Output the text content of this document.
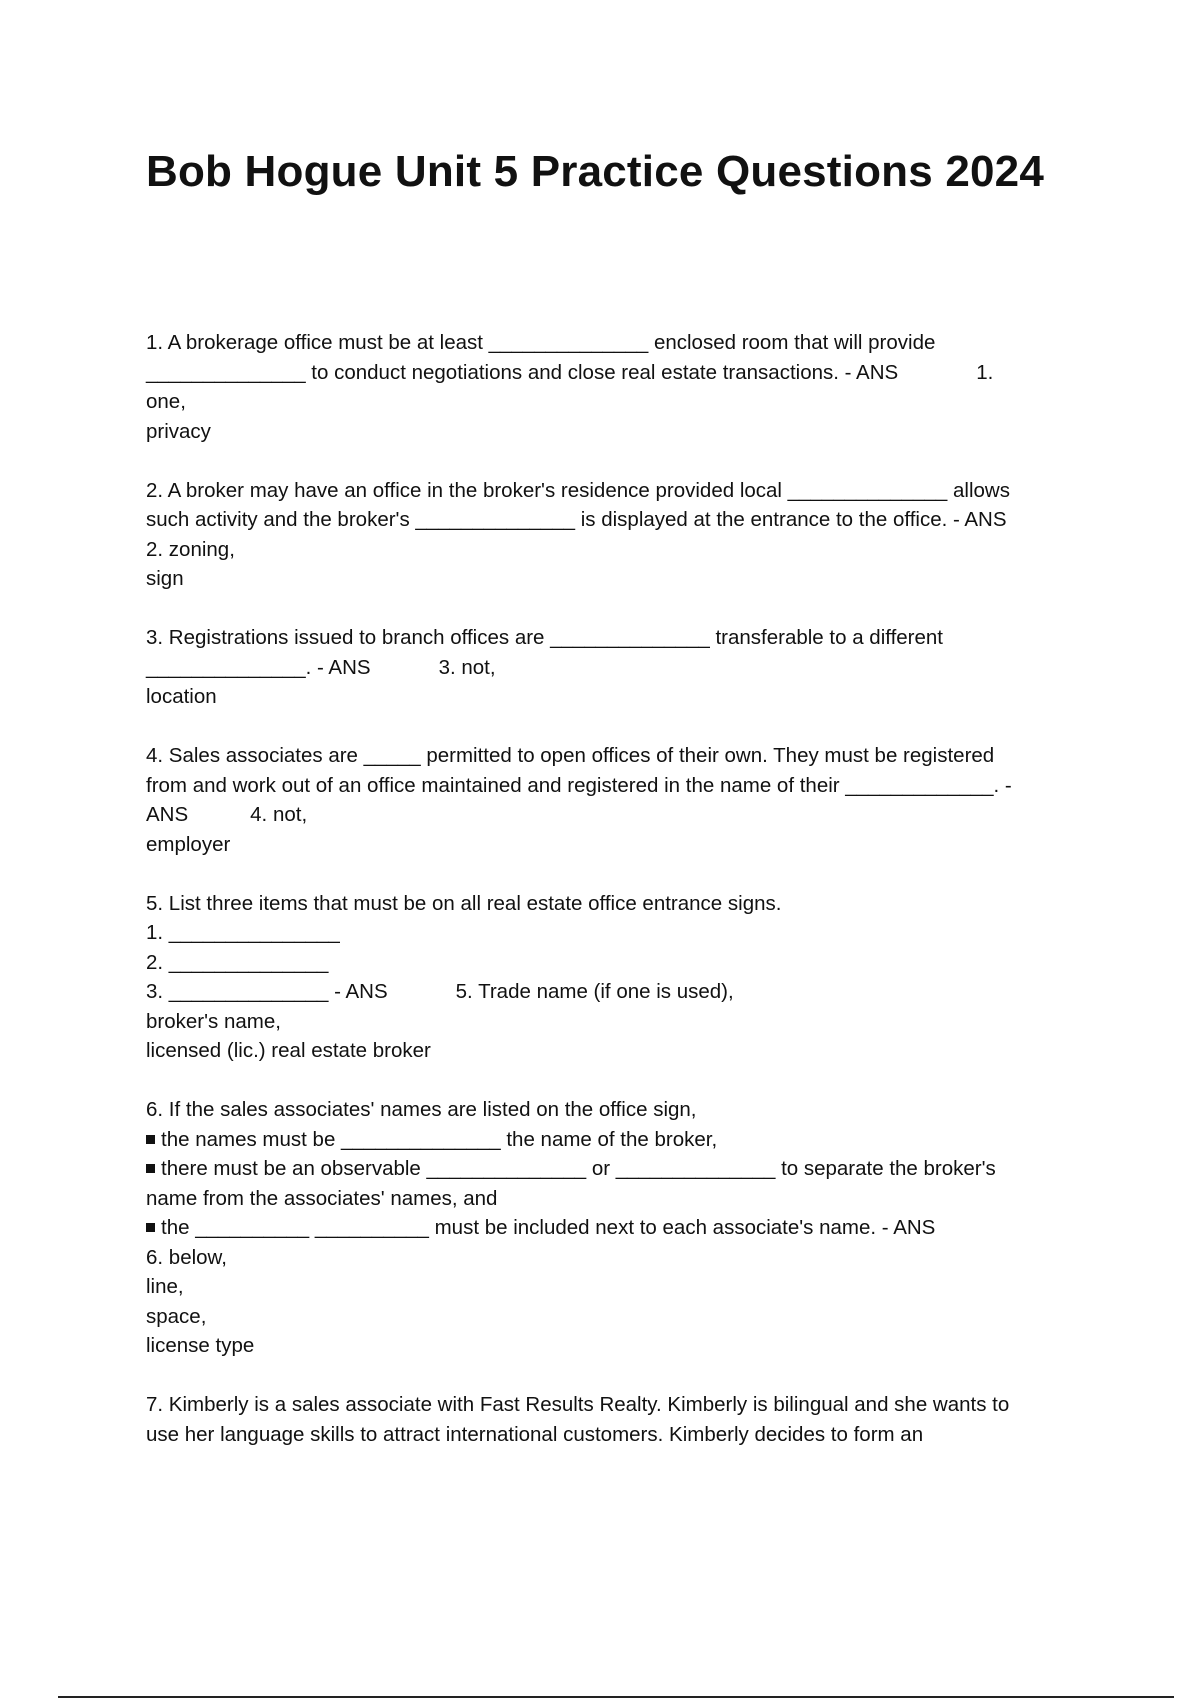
Bob Hogue Unit 5 Practice Questions 2024
1. A brokerage office must be at least ______________ enclosed room that will provide
______________ to conduct negotiations and close real estate transactions. - ANS	1.
one,
privacy
2. A broker may have an office in the broker's residence provided local ______________ allows
such activity and the broker's ______________ is displayed at the entrance to the office. - ANS
2. zoning,
sign
3. Registrations issued to branch offices are ______________ transferable to a different
______________. - ANS	3. not,
location
4. Sales associates are _____ permitted to open offices of their own. They must be registered
from and work out of an office maintained and registered in the name of their _____________. -
ANS	4. not,
employer
5. List three items that must be on all real estate office entrance signs.
1. _______________
2. ______________
3. ______________ - ANS	5. Trade name (if one is used),
broker's name,
licensed (lic.) real estate broker
6. If the sales associates' names are listed on the office sign,
the names must be ______________ the name of the broker,
there must be an observable ______________ or ______________ to separate the broker's
name from the associates' names, and
the __________ __________ must be included next to each associate's name. - ANS
6. below,
line,
space,
license type
7. Kimberly is a sales associate with Fast Results Realty. Kimberly is bilingual and she wants to
use her language skills to attract international customers. Kimberly decides to form an
